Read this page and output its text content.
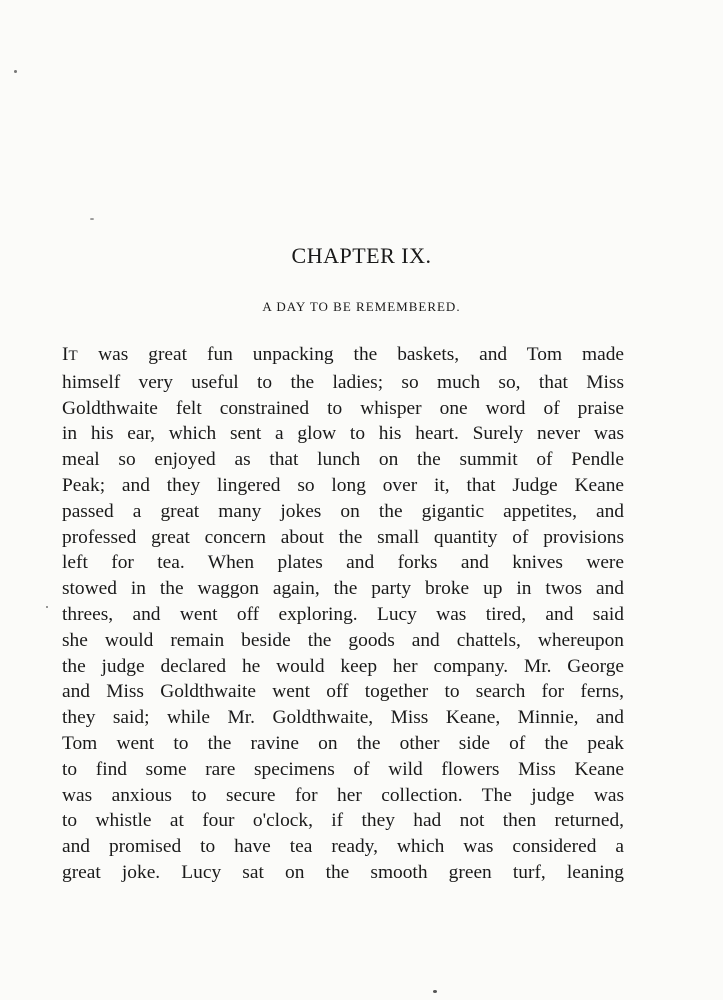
CHAPTER IX.
A DAY TO BE REMEMBERED.
IT was great fun unpacking the baskets, and Tom made
himself very useful to the ladies; so much so, that Miss
Goldthwaite felt constrained to whisper one word of praise
in his ear, which sent a glow to his heart. Surely never was
meal so enjoyed as that lunch on the summit of Pendle
Peak; and they lingered so long over it, that Judge Keane
passed a great many jokes on the gigantic appetites, and
professed great concern about the small quantity of provisions
left for tea. When plates and forks and knives were
stowed in the waggon again, the party broke up in twos and
threes, and went off exploring. Lucy was tired, and said
she would remain beside the goods and chattels, whereupon
the judge declared he would keep her company. Mr. George
and Miss Goldthwaite went off together to search for ferns,
they said; while Mr. Goldthwaite, Miss Keane, Minnie, and
Tom went to the ravine on the other side of the peak
to find some rare specimens of wild flowers Miss Keane
was anxious to secure for her collection. The judge was
to whistle at four o'clock, if they had not then returned,
and promised to have tea ready, which was considered a
great joke. Lucy sat on the smooth green turf, leaning
